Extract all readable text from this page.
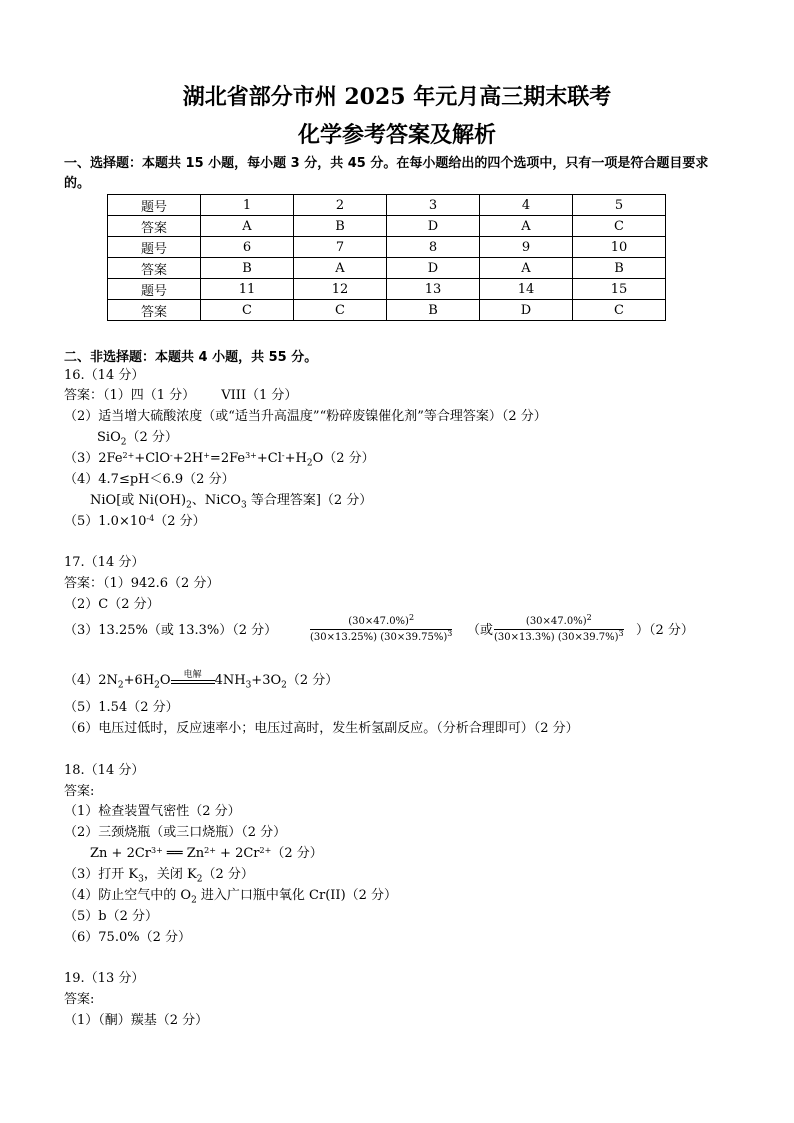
湖北省部分市州 2025 年元月高三期末联考
化学参考答案及解析
一、选择题：本题共 15 小题，每小题 3 分，共 45 分。在每小题给出的四个选项中，只有一项是符合题目要求的。
题号	1	2	3	4	5
答案	A	B	D	A	C
题号	6	7	8	9	10
答案	B	A	D	A	B
题号	11	12	13	14	15
答案	C	C	B	D	C
二、非选择题：本题共 4 小题，共 55 分。
16.（14 分）
答案：（1）四（1 分） VIII（1 分）
（2）适当增大硫酸浓度（或“适当升高温度”“粉碎废镍催化剂”等合理答案）（2 分）
SiO$_2$（2 分）
$(3)2Fe^{2+}+ClO^-+2H^+=2Fe^{3+}+Cl^-+H_2O(2$ 分）
（4）4.7≤pH＜6.9（2 分）
NiO[或 $Ni(OH)_2$、NiCO$_3$ 等合理答案]（2 分）
$(5)1.0\times 10^{-4}(2$ 分）
17.（14 分）
答案：（1）942.6（2 分）
（2）C（2 分）
（3）13.25%（或 13.3%）（2 分）	$\frac{(30\times 47.0\%)^2}{(30\times 13.25\%) (30\times 39.75\%)^3}$ （或 $\frac{(30\times 47.0\%)^2}{(30\times 13.3\%) (30\times 39.7\%)^3} )(2$ 分）
$(4)2N_2+6H_2O$	电解	$4NH_3+3O_2(2$ 分）
（5）1.54（2 分）
（6）电压过低时，反应速率小；电压过高时，发生析氢副反应。（分析合理即可）（2 分）
18.（14 分）
答案:
（1）检查装置气密性（2 分）
（2）三颈烧瓶（或三口烧瓶）（2 分）
$Zn + 2Cr^{3+}$ ══ $Zn^{2+} + 2Cr^{2+}(2$ 分）
（3）打开 $K_3$，关闭 $K_2(2$ 分）
（4）防止空气中的 $O_2$ 进入广口瓶中氧化 Cr(II)（2 分）
（5）b（2 分）
（6）75.0%（2 分）
19.（13 分）
答案:
（1）（酮）羰基（2 分）
